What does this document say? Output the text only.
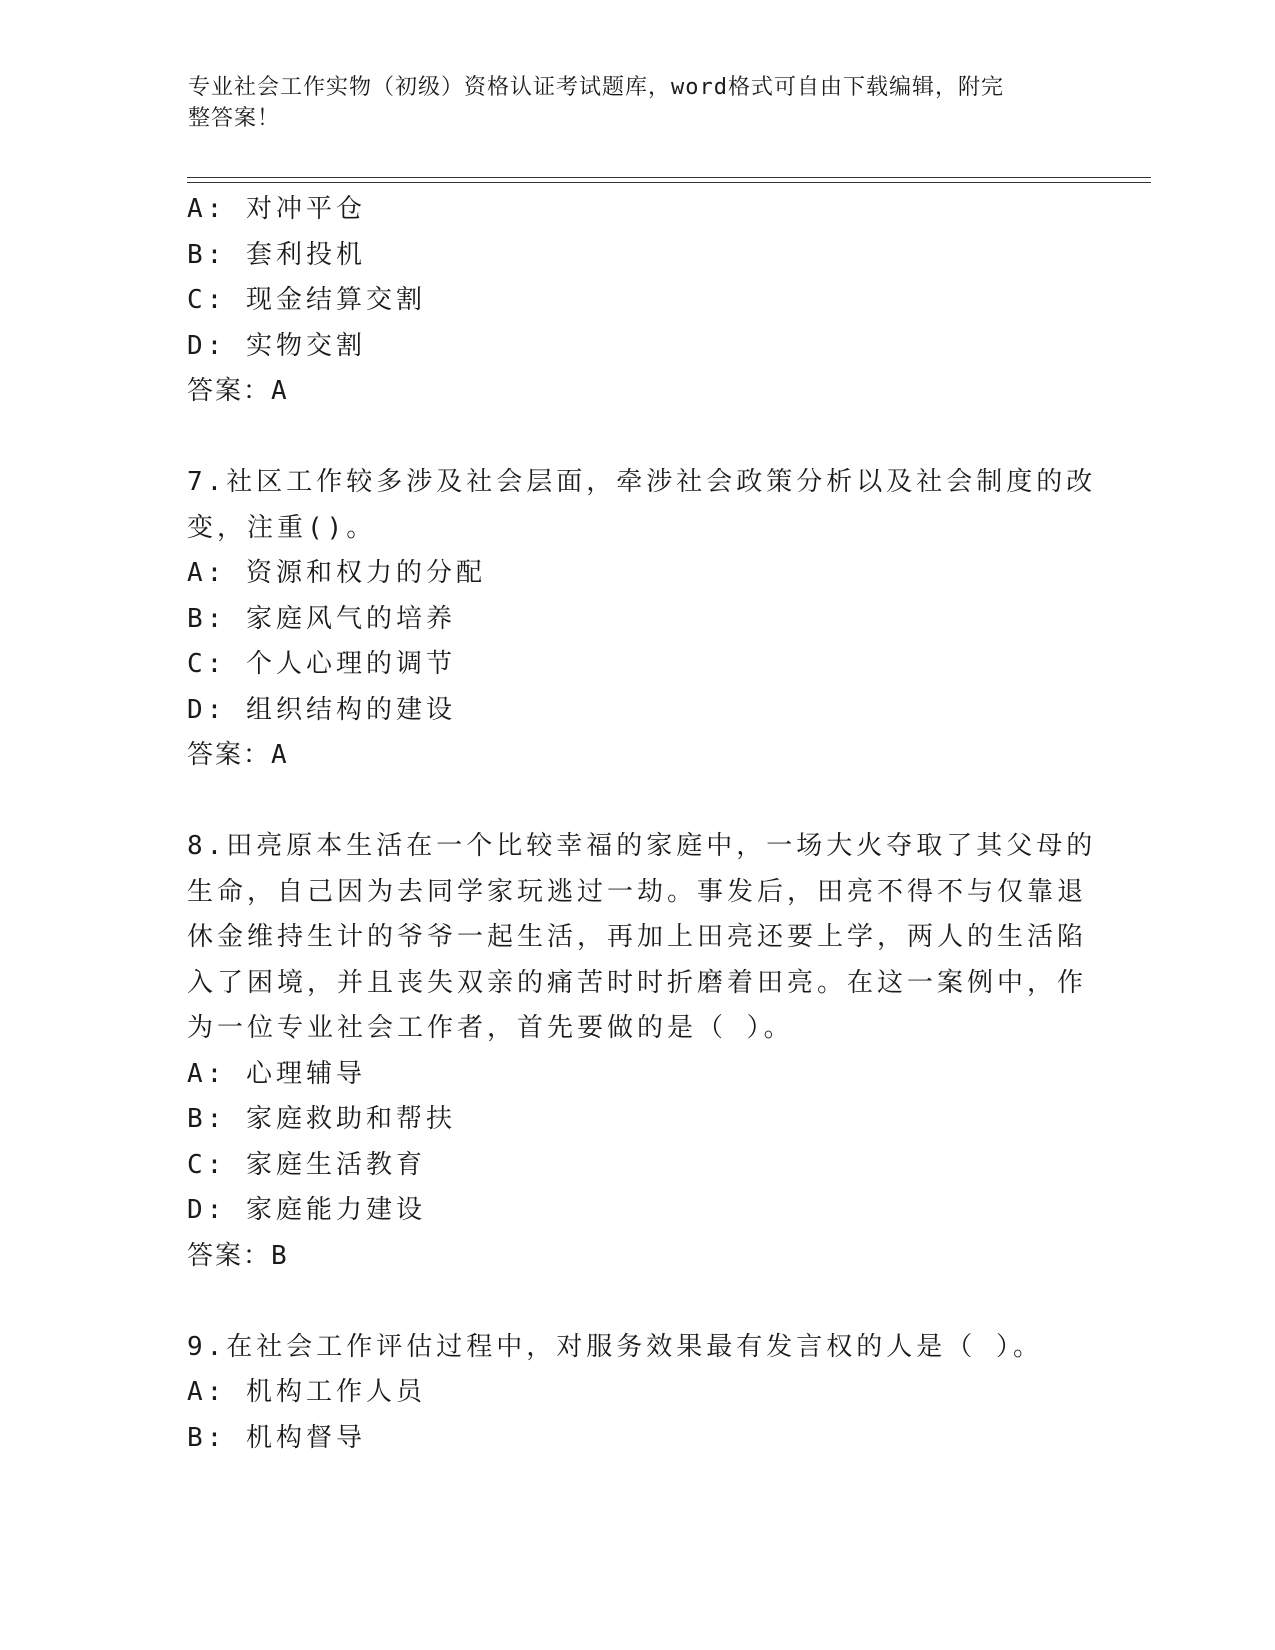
专业社会工作实物（初级）资格认证考试题库，word格式可自由下载编辑，附完
整答案！
A: 对冲平仓
B: 套利投机
C: 现金结算交割
D: 实物交割
答案：A
7.社区工作较多涉及社会层面，牵涉社会政策分析以及社会制度的改
变，注重()。
A: 资源和权力的分配
B: 家庭风气的培养
C: 个人心理的调节
D: 组织结构的建设
答案：A
8.田亮原本生活在一个比较幸福的家庭中，一场大火夺取了其父母的
生命，自己因为去同学家玩逃过一劫。事发后，田亮不得不与仅靠退
休金维持生计的爷爷一起生活，再加上田亮还要上学，两人的生活陷
入了困境，并且丧失双亲的痛苦时时折磨着田亮。在这一案例中，作
为一位专业社会工作者，首先要做的是（ ）。
A: 心理辅导
B: 家庭救助和帮扶
C: 家庭生活教育
D: 家庭能力建设
答案：B
9.在社会工作评估过程中，对服务效果最有发言权的人是（ ）。
A: 机构工作人员
B: 机构督导
